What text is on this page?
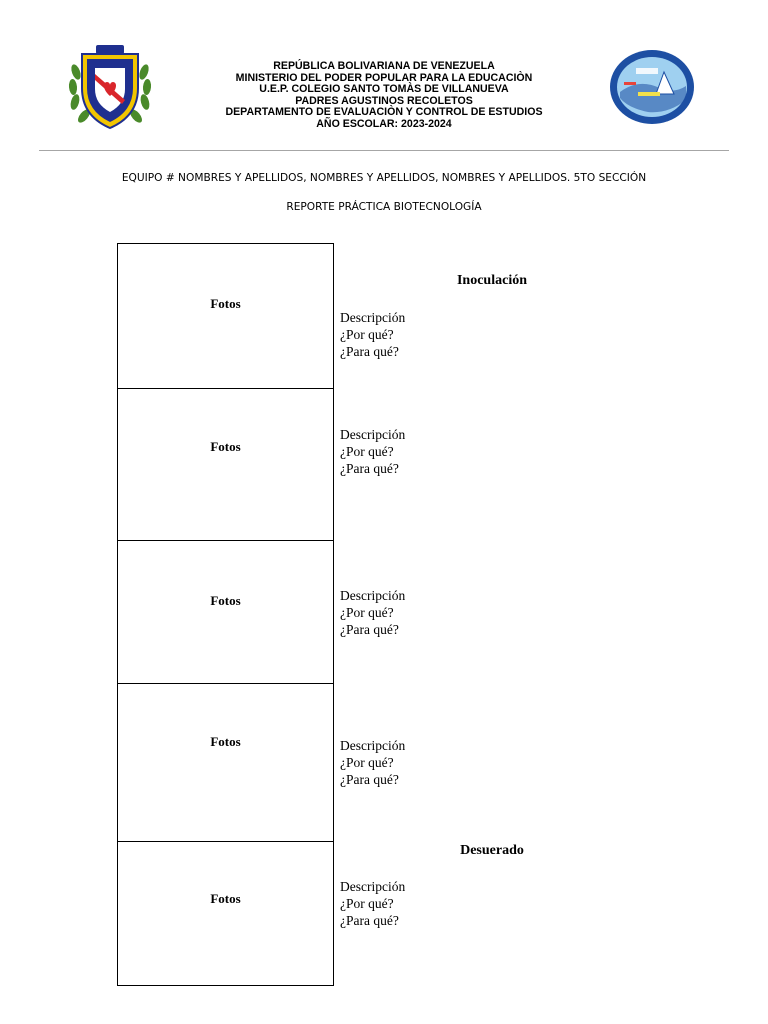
REPÚBLICA BOLIVARIANA DE VENEZUELA
MINISTERIO DEL PODER POPULAR PARA LA EDUCACIÒN
U.E.P. COLEGIO SANTO TOMÀS DE VILLANUEVA
PADRES AGUSTINOS RECOLETOS
DEPARTAMENTO DE EVALUACIÒN Y CONTROL DE ESTUDIOS
AÑO ESCOLAR: 2023-2024
EQUIPO # NOMBRES Y APELLIDOS, NOMBRES Y APELLIDOS, NOMBRES Y APELLIDOS. 5TO SECCIÓN
REPORTE PRÁCTICA BIOTECNOLOGÍA
Fotos
Fotos
Fotos
Fotos
Fotos
Inoculación
Desuerado
Descripción
¿Por qué?
¿Para qué?
Descripción
¿Por qué?
¿Para qué?
Descripción
¿Por qué?
¿Para qué?
Descripción
¿Por qué?
¿Para qué?
Descripción
¿Por qué?
¿Para qué?
